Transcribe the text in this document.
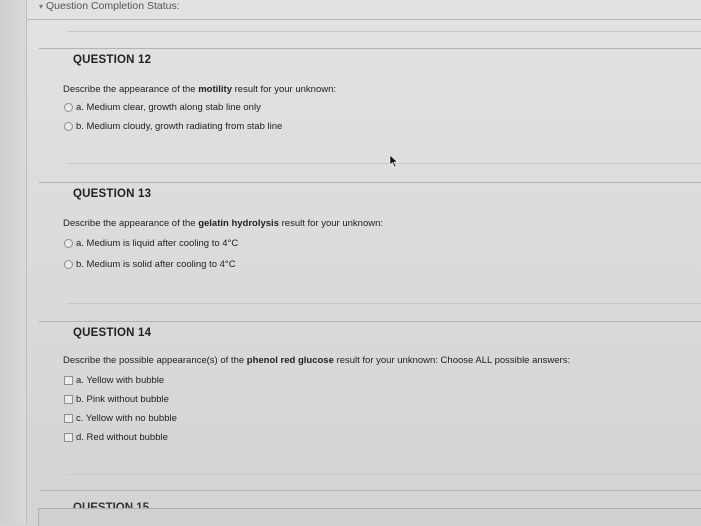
▾ Question Completion Status:
QUESTION 12
Describe the appearance of the motility result for your unknown:
a. Medium clear, growth along stab line only
b. Medium cloudy, growth radiating from stab line
QUESTION 13
Describe the appearance of the gelatin hydrolysis result for your unknown:
a. Medium is liquid after cooling to 4°C
b. Medium is solid after cooling to 4°C
QUESTION 14
Describe the possible appearance(s) of the phenol red glucose result for your unknown: Choose ALL possible answers:
a. Yellow with bubble
b. Pink without bubble
c. Yellow with no bubble
d. Red without bubble
